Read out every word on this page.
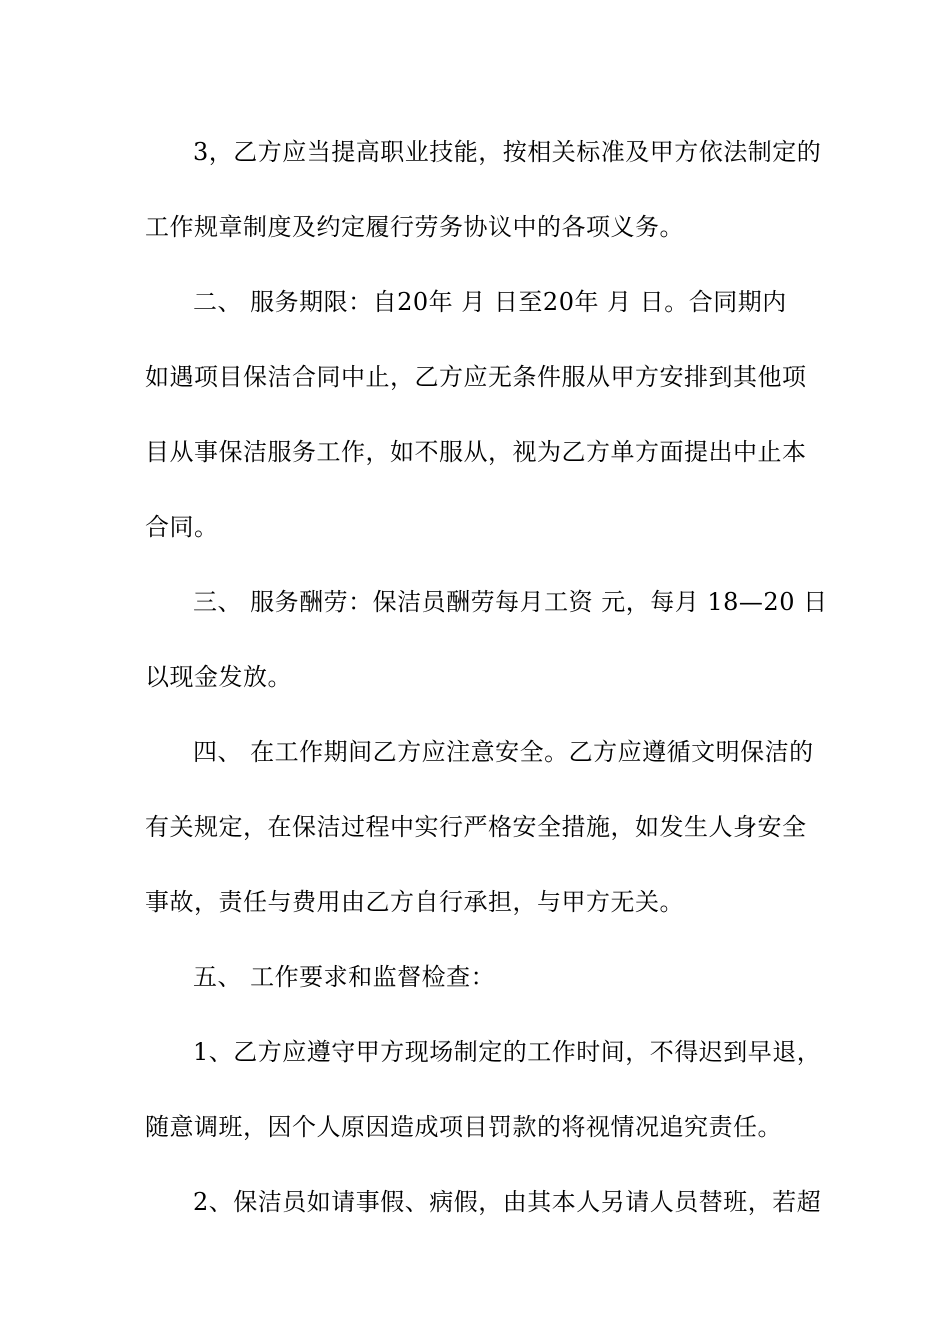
3，乙方应当提高职业技能，按相关标准及甲方依法制定的
工作规章制度及约定履行劳务协议中的各项义务。
二、 服务期限：自20年 月 日至20年 月 日。合同期内
如遇项目保洁合同中止，乙方应无条件服从甲方安排到其他项
目从事保洁服务工作，如不服从，视为乙方单方面提出中止本
合同。
三、 服务酬劳：保洁员酬劳每月工资 元，每月 18—20 日
以现金发放。
四、 在工作期间乙方应注意安全。乙方应遵循文明保洁的
有关规定，在保洁过程中实行严格安全措施，如发生人身安全
事故，责任与费用由乙方自行承担，与甲方无关。
五、 工作要求和监督检查：
1、乙方应遵守甲方现场制定的工作时间，不得迟到早退，
随意调班，因个人原因造成项目罚款的将视情况追究责任。
2、保洁员如请事假、病假，由其本人另请人员替班，若超
